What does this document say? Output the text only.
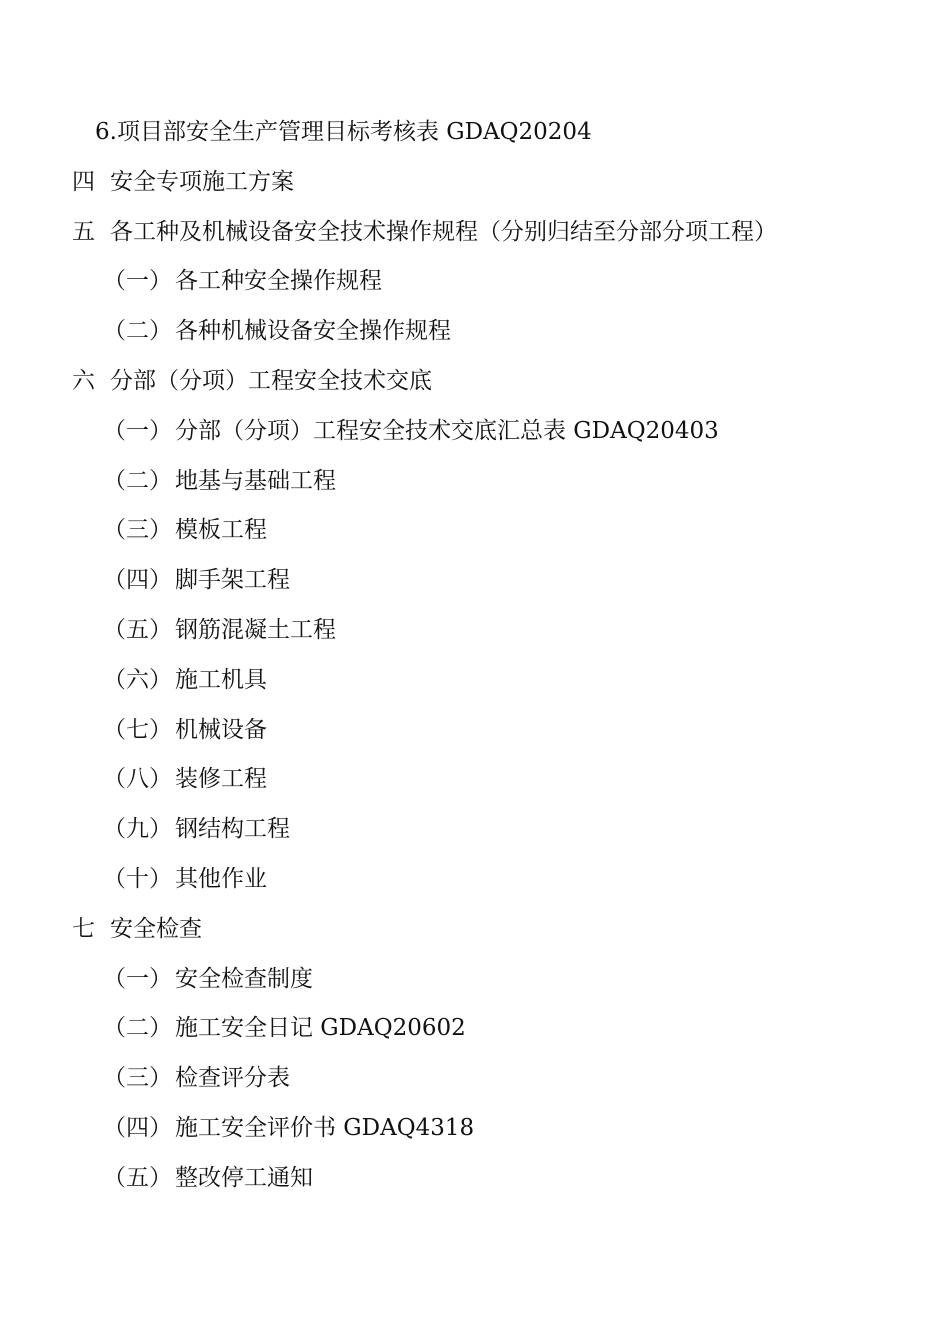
6.项目部安全生产管理目标考核表 GDAQ20204
四 安全专项施工方案
五 各工种及机械设备安全技术操作规程（分别归结至分部分项工程）
（一） 各工种安全操作规程
（二） 各种机械设备安全操作规程
六 分部（分项）工程安全技术交底
（一） 分部（分项）工程安全技术交底汇总表 GDAQ20403
（二） 地基与基础工程
（三） 模板工程
（四） 脚手架工程
（五） 钢筋混凝土工程
（六） 施工机具
（七） 机械设备
（八） 装修工程
（九） 钢结构工程
（十） 其他作业
七 安全检查
（一） 安全检查制度
（二） 施工安全日记 GDAQ20602
（三） 检查评分表
（四） 施工安全评价书 GDAQ4318
（五） 整改停工通知
